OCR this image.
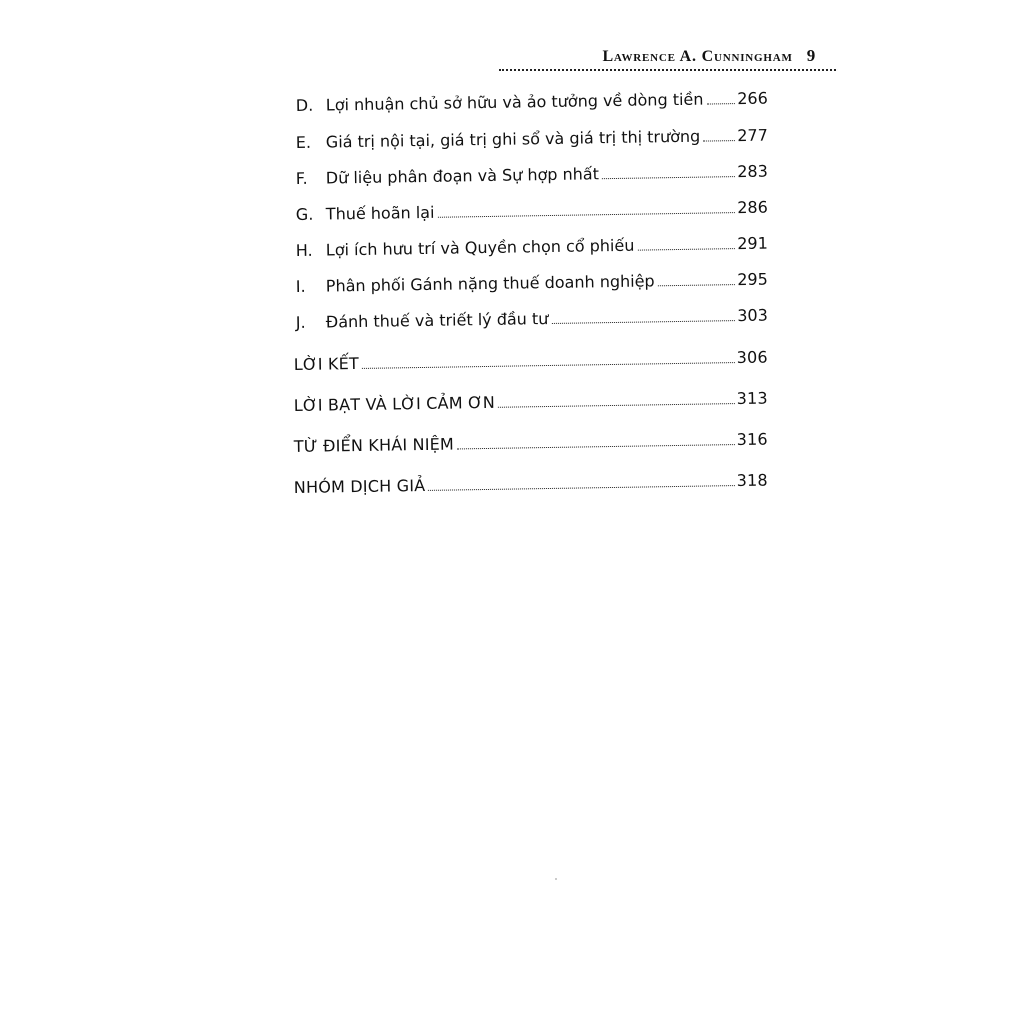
Lawrence A. Cunningham 9
D. Lợi nhuận chủ sở hữu và ảo tưởng về dòng tiền 266
E. Giá trị nội tại, giá trị ghi sổ và giá trị thị trường 277
F.	Dữ liệu phân đoạn và Sự hợp nhất	283
G. Thuế hoãn lại	286
H. Lợi ích hưu trí và Quyền chọn cổ phiếu	291
I.	Phân phối Gánh nặng thuế doanh nghiệp	295
J.	Đánh thuế và triết lý đầu tư	303
LỜI KẾT	306
LỜI BẠT VÀ LỜI CẢM ƠN	313
TỪ ĐIỂN KHÁI NIỆM	316
NHÓM DỊCH GIẢ	318
